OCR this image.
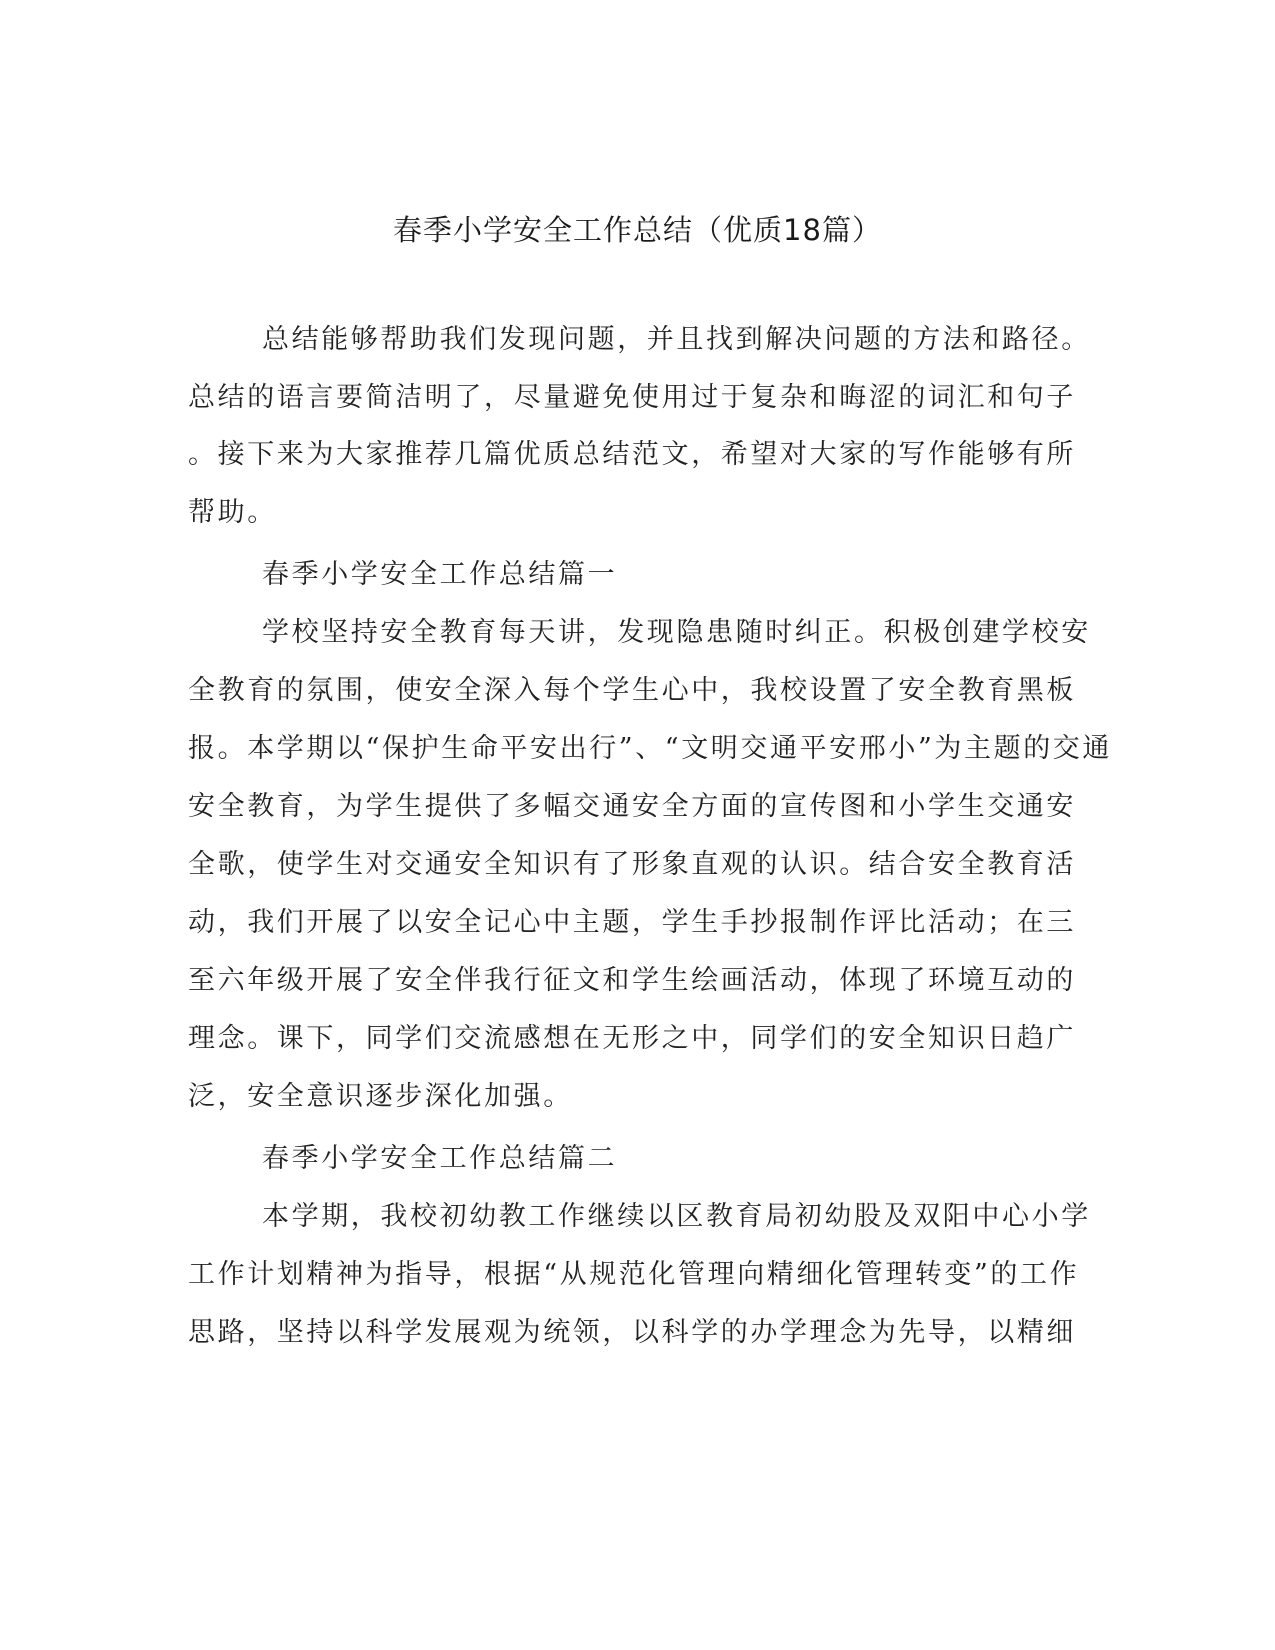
春季小学安全工作总结（优质18篇）
总结能够帮助我们发现问题，并且找到解决问题的方法和路径。
总结的语言要简洁明了，尽量避免使用过于复杂和晦涩的词汇和句子
。接下来为大家推荐几篇优质总结范文，希望对大家的写作能够有所
帮助。
春季小学安全工作总结篇一
学校坚持安全教育每天讲，发现隐患随时纠正。积极创建学校安
全教育的氛围，使安全深入每个学生心中，我校设置了安全教育黑板
报。本学期以“保护生命平安出行”、“文明交通平安邢小”为主题的交通
安全教育，为学生提供了多幅交通安全方面的宣传图和小学生交通安
全歌，使学生对交通安全知识有了形象直观的认识。结合安全教育活
动，我们开展了以安全记心中主题，学生手抄报制作评比活动；在三
至六年级开展了安全伴我行征文和学生绘画活动，体现了环境互动的
理念。课下，同学们交流感想在无形之中，同学们的安全知识日趋广
泛，安全意识逐步深化加强。
春季小学安全工作总结篇二
本学期，我校初幼教工作继续以区教育局初幼股及双阳中心小学
工作计划精神为指导，根据“从规范化管理向精细化管理转变”的工作
思路，坚持以科学发展观为统领，以科学的办学理念为先导，以精细
